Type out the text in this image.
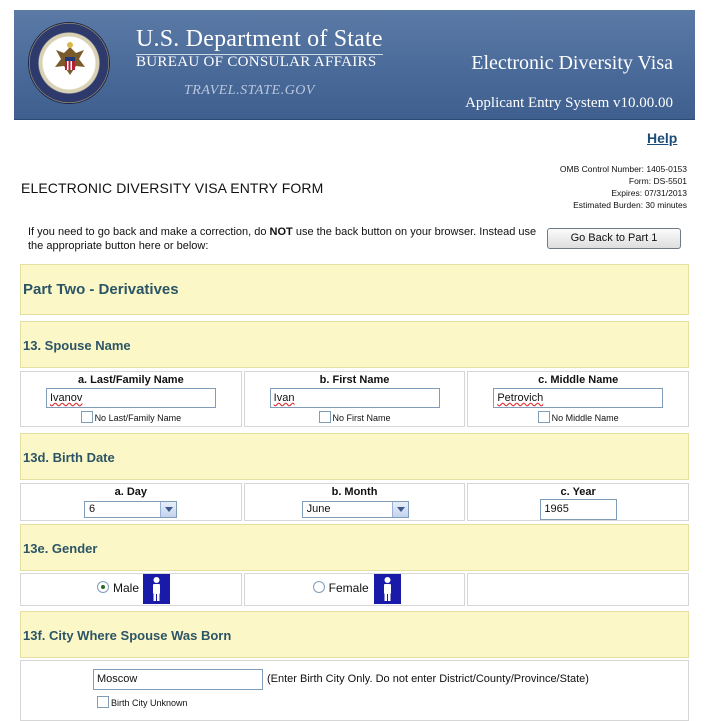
U.S. Department of State
BUREAU OF CONSULAR AFFAIRS
TRAVEL.STATE.GOV
Electronic Diversity Visa
Applicant Entry System v10.00.00
Help
OMB Control Number: 1405-0153
Form: DS-5501
Expires: 07/31/2013
Estimated Burden: 30 minutes
ELECTRONIC DIVERSITY VISA ENTRY FORM
If you need to go back and make a correction, do NOT use the back button on your browser. Instead use the appropriate button here or below:
Go Back to Part 1
Part Two - Derivatives
13. Spouse Name
a. Last/Family Name
Ivanov
No Last/Family Name
b. First Name
Ivan
No First Name
c. Middle Name
Petrovich
No Middle Name
13d. Birth Date
a. Day
6
b. Month
June
c. Year
1965
13e. Gender
Male	Female
13f. City Where Spouse Was Born
Moscow	(Enter Birth City Only. Do not enter District/County/Province/State)
Birth City Unknown
